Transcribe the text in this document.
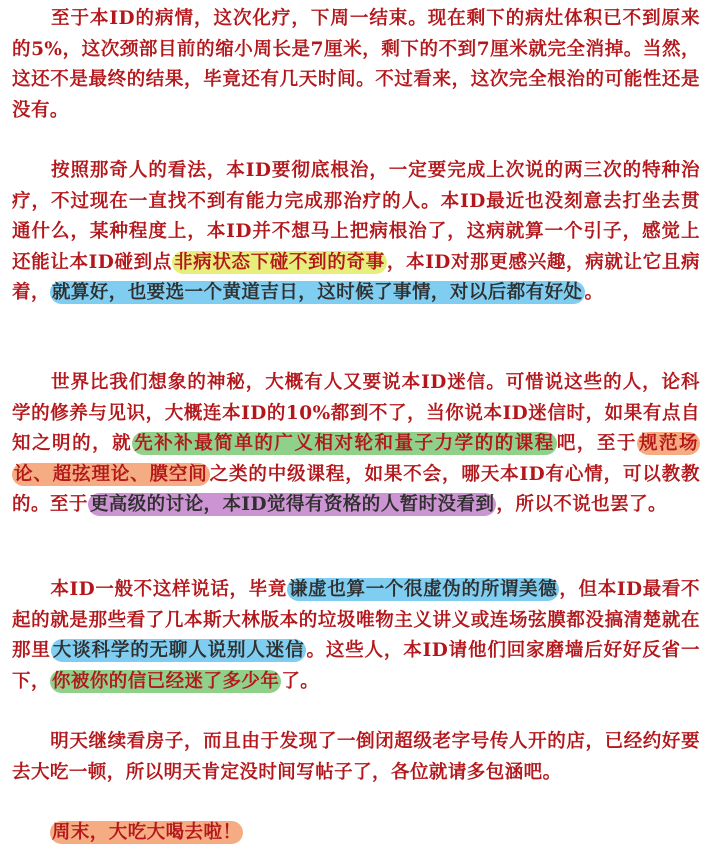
　　至于本ID的病情，这次化疗，下周一结束。现在剩下的病灶体积已不到原来的5%，这次颈部目前的缩小周长是7厘米，剩下的不到7厘米就完全消掉。当然，这还不是最终的结果，毕竟还有几天时间。不过看来，这次完全根治的可能性还是没有。

　　按照那奇人的看法，本ID要彻底根治，一定要完成上次说的两三次的特种治疗，不过现在一直找不到有能力完成那治疗的人。本ID最近也没刻意去打坐去贯通什么，某种程度上，本ID并不想马上把病根治了，这病就算一个引子，感觉上还能让本ID碰到点 非病状态下碰不到的奇事 ，本ID对那更感兴趣，病就让它且病着， 就算好，也要选一个黄道吉日，这时候了事情，对以后都有好处 。

　　世界比我们想象的神秘，大概有人又要说本ID迷信。可惜说这些的人，论科学的修养与见识，大概连本ID的10%都到不了，当你说本ID迷信时，如果有点自知之明的，就 先补补最简单的广义相对轮和量子力学的的课程 吧，至于 规范场论、超弦理论、膜空间 之类的中级课程，如果不会，哪天本ID有心情，可以教教的。至于 更高级的讨论，本ID觉得有资格的人暂时没看到 ，所以不说也罢了。

　　本ID一般不这样说话，毕竟 谦虚也算一个很虚伪的所谓美德 ，但本ID最看不起的就是那些看了几本斯大林版本的垃圾唯物主义讲义或连场弦膜都没搞清楚就在那里 大谈科学的无聊人说别人迷信 。这些人，本ID请他们回家磨墙后好好反省一下， 你被你的信已经迷了多少年 了。

　　明天继续看房子，而且由于发现了一倒闭超级老字号传人开的店，已经约好要去大吃一顿，所以明天肯定没时间写帖子了，各位就请多包涵吧。

　　周末，大吃大喝去啦！
